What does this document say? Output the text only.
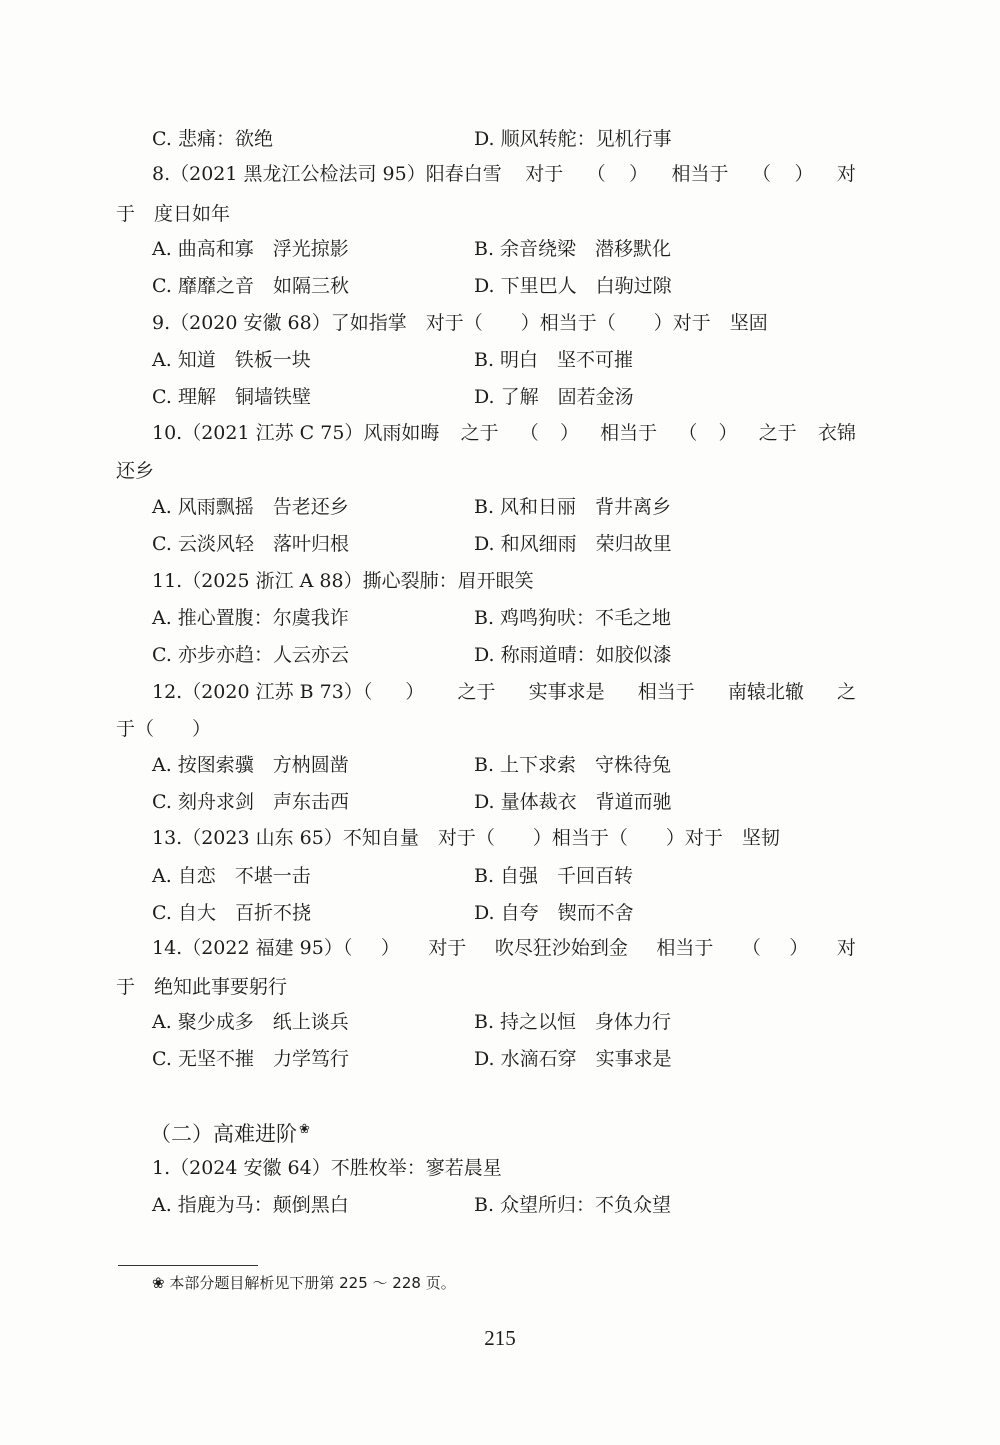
C. 悲痛：欲绝	D. 顺风转舵：见机行事
8.（2021 黑龙江公检法司 95）阳春白雪 对于 （ ） 相当于 （ ） 对
于　度日如年
A. 曲高和寡　浮光掠影	B. 余音绕梁　潜移默化
C. 靡靡之音　如隔三秋	D. 下里巴人　白驹过隙
9.（2020 安徽 68）了如指掌　对于（　　）相当于（　　）对于　坚固
A. 知道　铁板一块	B. 明白　坚不可摧
C. 理解　铜墙铁壁	D. 了解　固若金汤
10.（2021 江苏 C 75）风雨如晦 之于 （ ） 相当于 （ ） 之于 衣锦
还乡
A. 风雨飘摇　告老还乡	B. 风和日丽　背井离乡
C. 云淡风轻　落叶归根	D. 和风细雨　荣归故里
11.（2025 浙江 A 88）撕心裂肺：眉开眼笑
A. 推心置腹：尔虞我诈	B. 鸡鸣狗吠：不毛之地
C. 亦步亦趋：人云亦云	D. 称雨道晴：如胶似漆
12.（2020 江苏 B 73）（ ） 之于 实事求是 相当于 南辕北辙 之
于（　　）
A. 按图索骥　方枘圆凿	B. 上下求索　守株待兔
C. 刻舟求剑　声东击西	D. 量体裁衣　背道而驰
13.（2023 山东 65）不知自量　对于（　　）相当于（　　）对于　坚韧
A. 自恋　不堪一击	B. 自强　千回百转
C. 自大　百折不挠	D. 自夸　锲而不舍
14.（2022 福建 95）（ ） 对于 吹尽狂沙始到金 相当于 （ ） 对
于　绝知此事要躬行
A. 聚少成多　纸上谈兵	B. 持之以恒　身体力行
C. 无坚不摧　力学笃行	D. 水滴石穿　实事求是
（二）高难进阶 ❀
1.（2024 安徽 64）不胜枚举：寥若晨星
A. 指鹿为马：颠倒黑白	B. 众望所归：不负众望
❀ 本部分题目解析见下册第 225 ～ 228 页。
215
